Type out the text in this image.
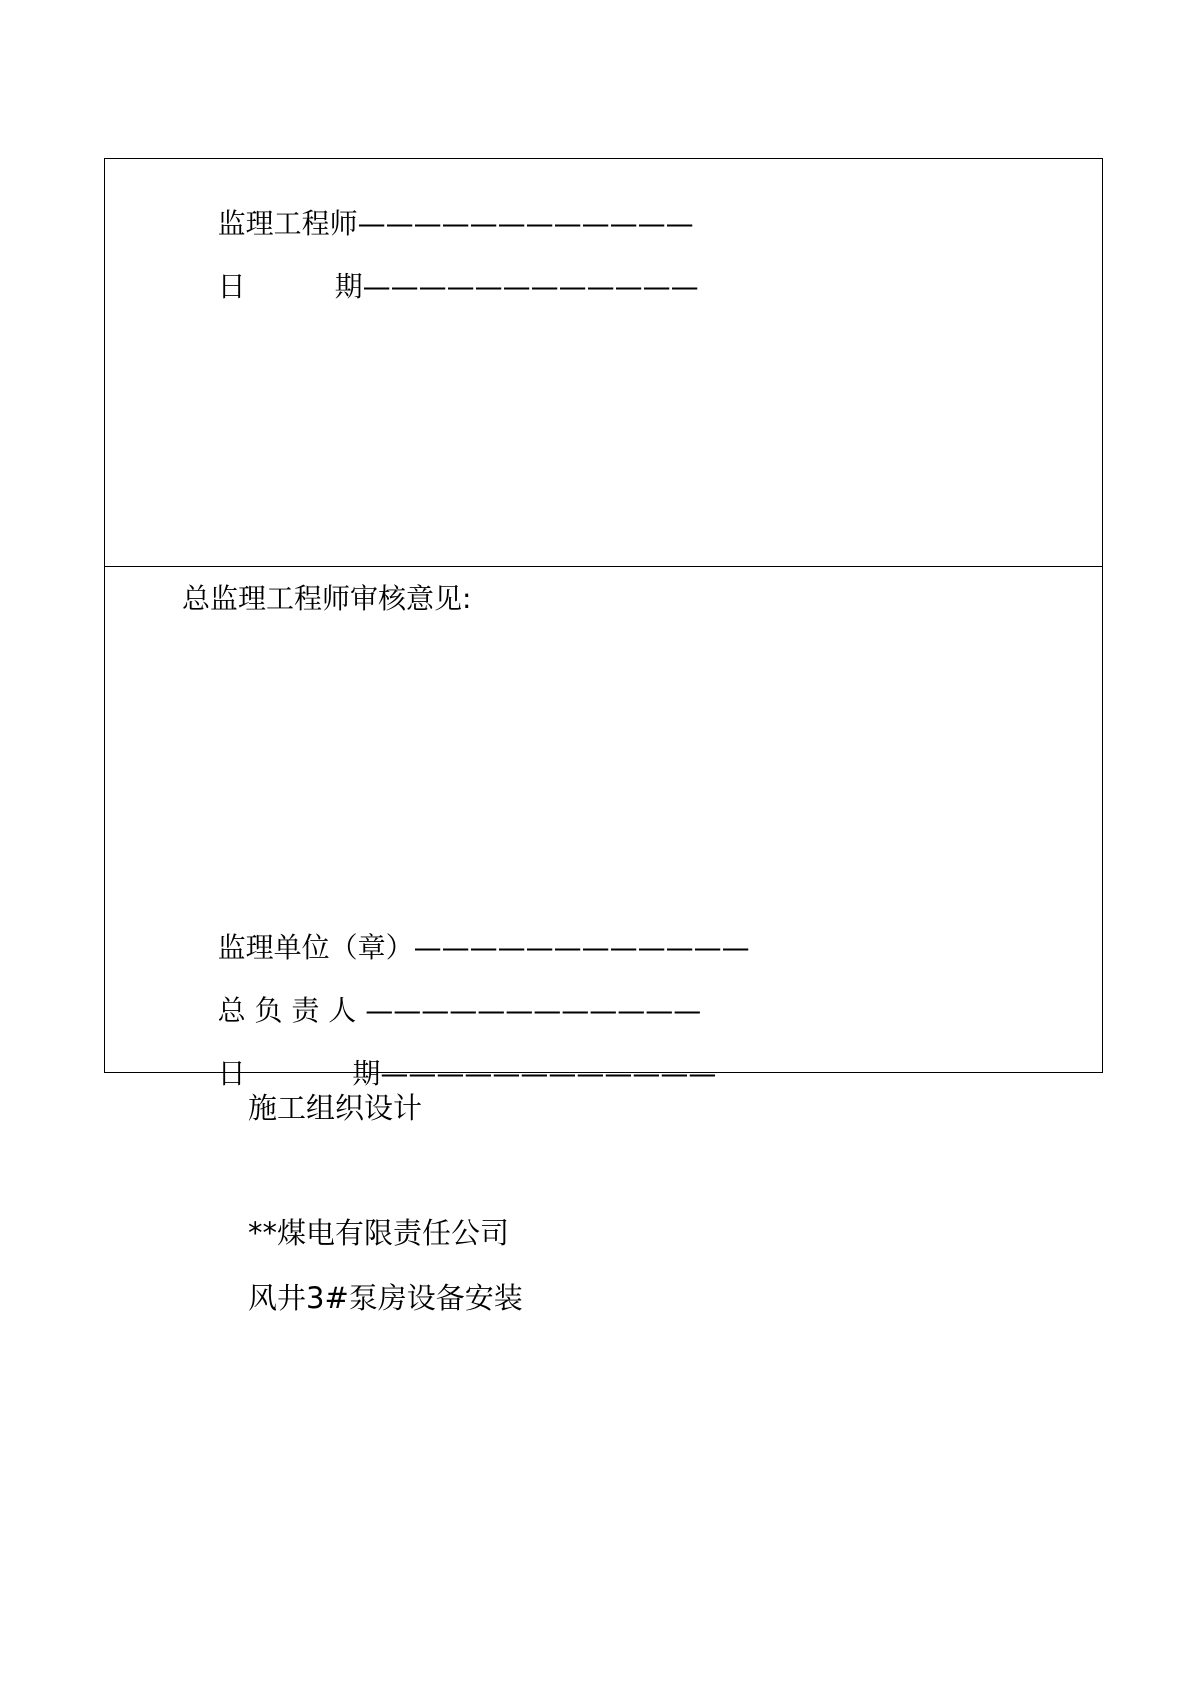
监理工程师————————————

日          期————————————

总监理工程师审核意见:

监理单位（章）————————————

总 负 责 人 ————————————

日            期————————————

施工组织设计
**煤电有限责任公司
风井3#泵房设备安装
